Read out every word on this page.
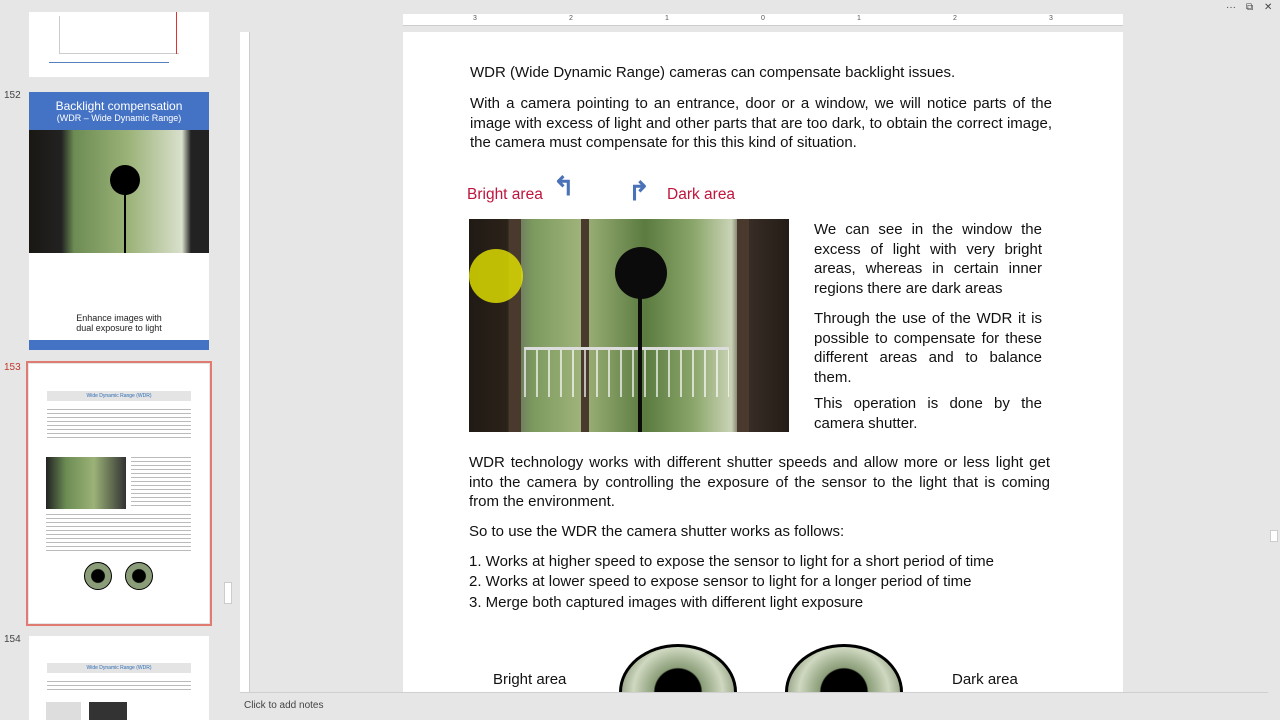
152
Backlight compensation
(WDR – Wide Dynamic Range)
Enhance images with dual exposure to light
153
Wide Dynamic Range (WDR)
154
Wide Dynamic Range (WDR)
3	2	1	0	1	2	3
WDR (Wide Dynamic Range) cameras can compensate backlight issues.
With a camera pointing to an entrance, door or a window, we will notice parts of the image with excess of light and other parts that are too dark, to obtain the correct image, the camera must compensate for this this kind of situation.
Bright area ↰ ↱ Dark area
We can see in the window the excess of light with very bright areas, whereas in certain inner regions there are dark areas
Through the use of the WDR it is possible to compensate for these different areas and to balance them.
This operation is done by the camera shutter.
WDR technology works with different shutter speeds and allow more or less light get into the camera by controlling the exposure of the sensor to the light that is coming from the environment.
So to use the WDR the camera shutter works as follows:
1. Works at higher speed to expose the sensor to light for a short period of time
2. Works at lower speed to expose sensor to light for a longer period of time
3. Merge both captured images with different light exposure
Bright area	Dark area
··· ⧉ ✕
Click to add notes
